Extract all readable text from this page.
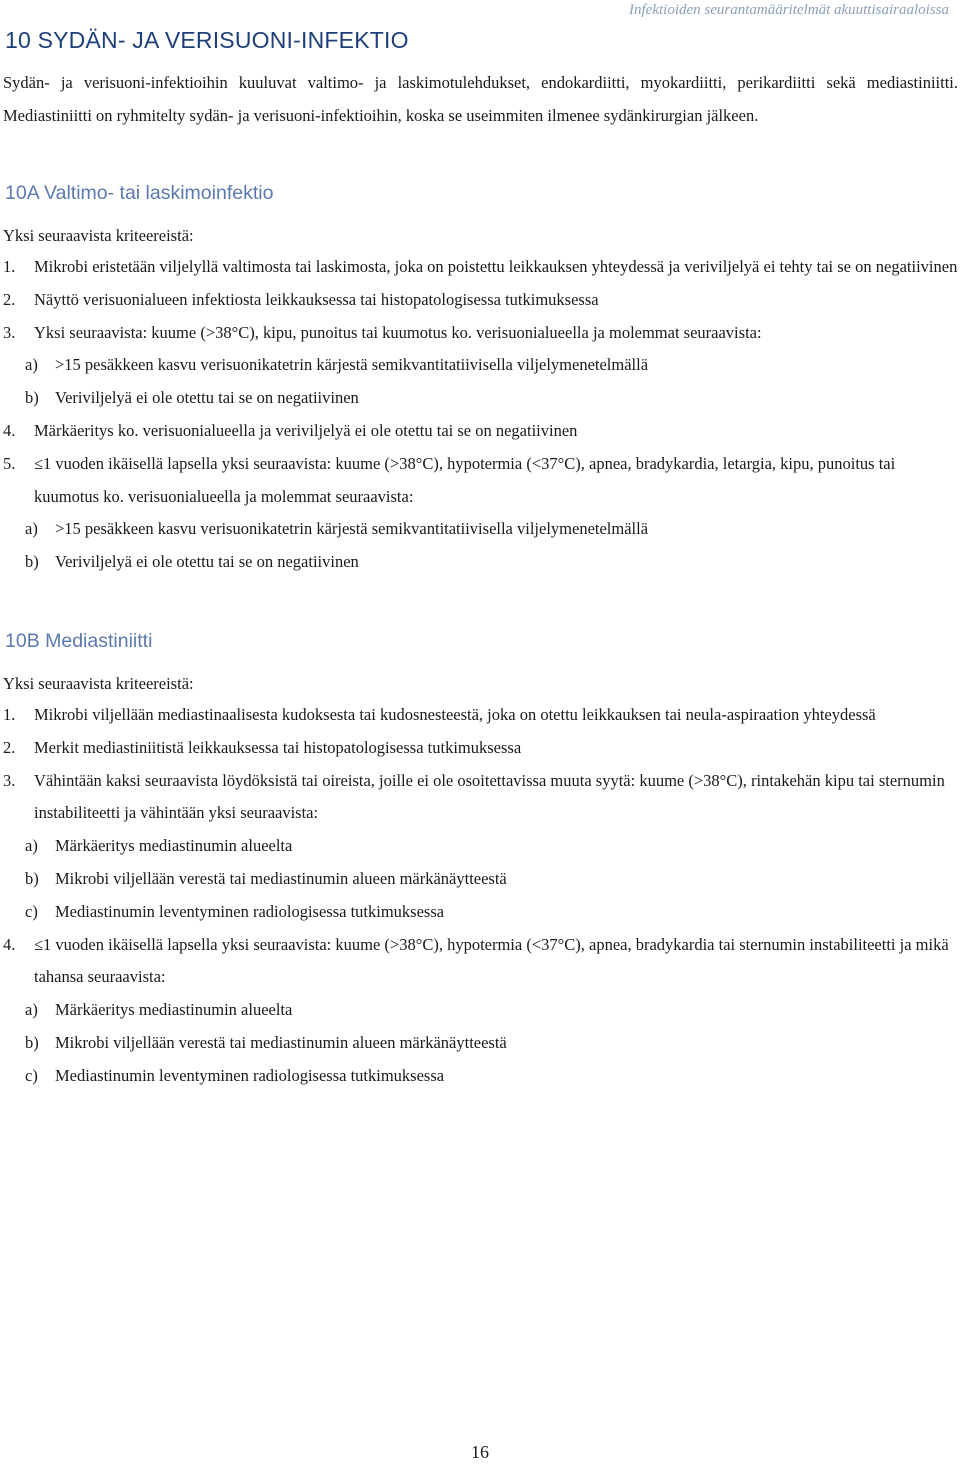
Infektioiden seurantamääritelmät akuuttisairaaloissa
10 SYDÄN- JA VERISUONI-INFEKTIO

Sydän- ja verisuoni-infektioihin kuuluvat valtimo- ja laskimotulehdukset, endokardiitti, myokardiitti, perikardiitti sekä mediastiniitti. Mediastiniitti on ryhmitelty sydän- ja verisuoni-infektioihin, koska se useimmiten ilmenee sydänkirurgian jälkeen.

10A Valtimo- tai laskimoinfektio

Yksi seuraavista kriteereistä:

1. Mikrobi eristetään viljelyllä valtimosta tai laskimosta, joka on poistettu leikkauksen yhteydessä ja veriviljelyä ei tehty tai se on negatiivinen
2. Näyttö verisuonialueen infektiosta leikkauksessa tai histopatologisessa tutkimuksessa
3. Yksi seuraavista: kuume (>38°C), kipu, punoitus tai kuumotus ko. verisuonialueella ja molemmat seuraavista:
a) >15 pesäkkeen kasvu verisuonikatetrin kärjestä semikvantitatiivisella viljelymenetelmällä
b) Veriviljelyä ei ole otettu tai se on negatiivinen
4. Märkäeritys ko. verisuonialueella ja veriviljelyä ei ole otettu tai se on negatiivinen
5. ≤1 vuoden ikäisellä lapsella yksi seuraavista: kuume (>38°C), hypotermia (<37°C), apnea, bradykardia, letargia, kipu, punoitus tai kuumotus ko. verisuonialueella ja molemmat seuraavista:
a) >15 pesäkkeen kasvu verisuonikatetrin kärjestä semikvantitatiivisella viljelymenetelmällä
b) Veriviljelyä ei ole otettu tai se on negatiivinen
10B Mediastiniitti

Yksi seuraavista kriteereistä:

1. Mikrobi viljellään mediastinaalisesta kudoksesta tai kudosnesteestä, joka on otettu leikkauksen tai neula-aspiraation yhteydessä
2. Merkit mediastiniitistä leikkauksessa tai histopatologisessa tutkimuksessa
3. Vähintään kaksi seuraavista löydöksistä tai oireista, joille ei ole osoitettavissa muuta syytä: kuume (>38°C), rintakehän kipu tai sternumin instabiliteetti ja vähintään yksi seuraavista:
a) Märkäeritys mediastinumin alueelta
b) Mikrobi viljellään verestä tai mediastinumin alueen märkänäytteestä
c) Mediastinumin leventyminen radiologisessa tutkimuksessa
4. ≤1 vuoden ikäisellä lapsella yksi seuraavista: kuume (>38°C), hypotermia (<37°C), apnea, bradykardia tai sternumin instabiliteetti ja mikä tahansa seuraavista:
a) Märkäeritys mediastinumin alueelta
b) Mikrobi viljellään verestä tai mediastinumin alueen märkänäytteestä
c) Mediastinumin leventyminen radiologisessa tutkimuksessa
16
